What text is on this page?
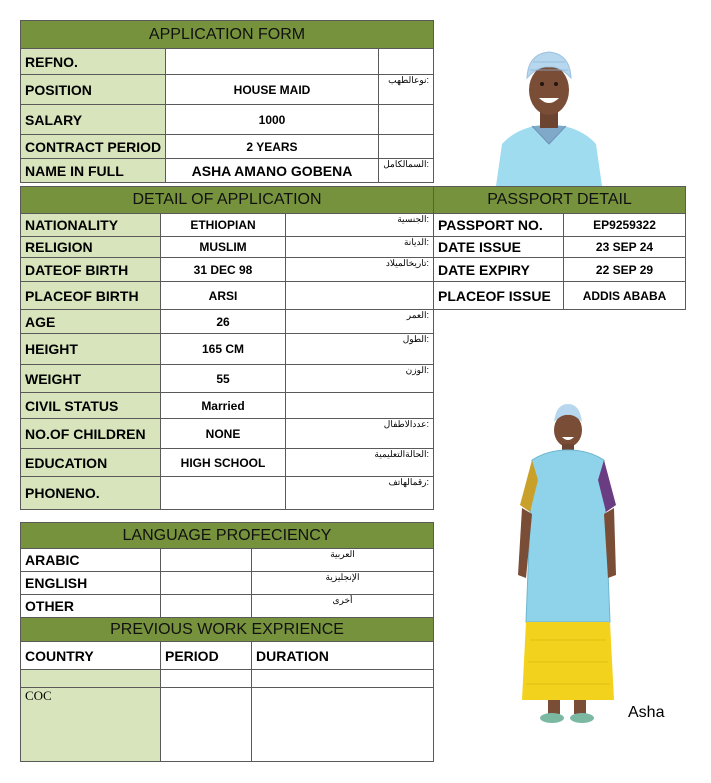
APPLICATION FORM		
REFNO.		
POSITION	HOUSE MAID	:نوعالطهب
SALARY	1000	
CONTRACT PERIOD	2 YEARS	
NAME IN FULL	ASHA AMANO GOBENA	:السمالكامل
DETAIL OF APPLICATION		
NATIONALITY	ETHIOPIAN	:الجنسية
RELIGION	MUSLIM	:الديانة
DATEOF BIRTH	31 DEC 98	:تاريخالميلاد
PLACEOF BIRTH	ARSI	
AGE	26	:العمر
HEIGHT	165 CM	:الطول
WEIGHT	55	:الوزن
CIVIL STATUS	Married	
NO.OF CHILDREN	NONE	:عددالاطفال
EDUCATION	HIGH SCHOOL	:الحالةالتعليمية
PHONENO.		:رقمالهاتف
PASSPORT DETAIL	
PASSPORT NO.	EP9259322
DATE ISSUE	23 SEP 24
DATE EXPIRY	22 SEP 29
PLACEOF ISSUE	ADDIS ABABA
LANGUAGE PROFECIENCY		
ARABIC		العربية
ENGLISH		الإنجليزية
OTHER		أخرى
PREVIOUS WORK EXPRIENCE		
COUNTRY	PERIOD	DURATION

COC		
Asha
